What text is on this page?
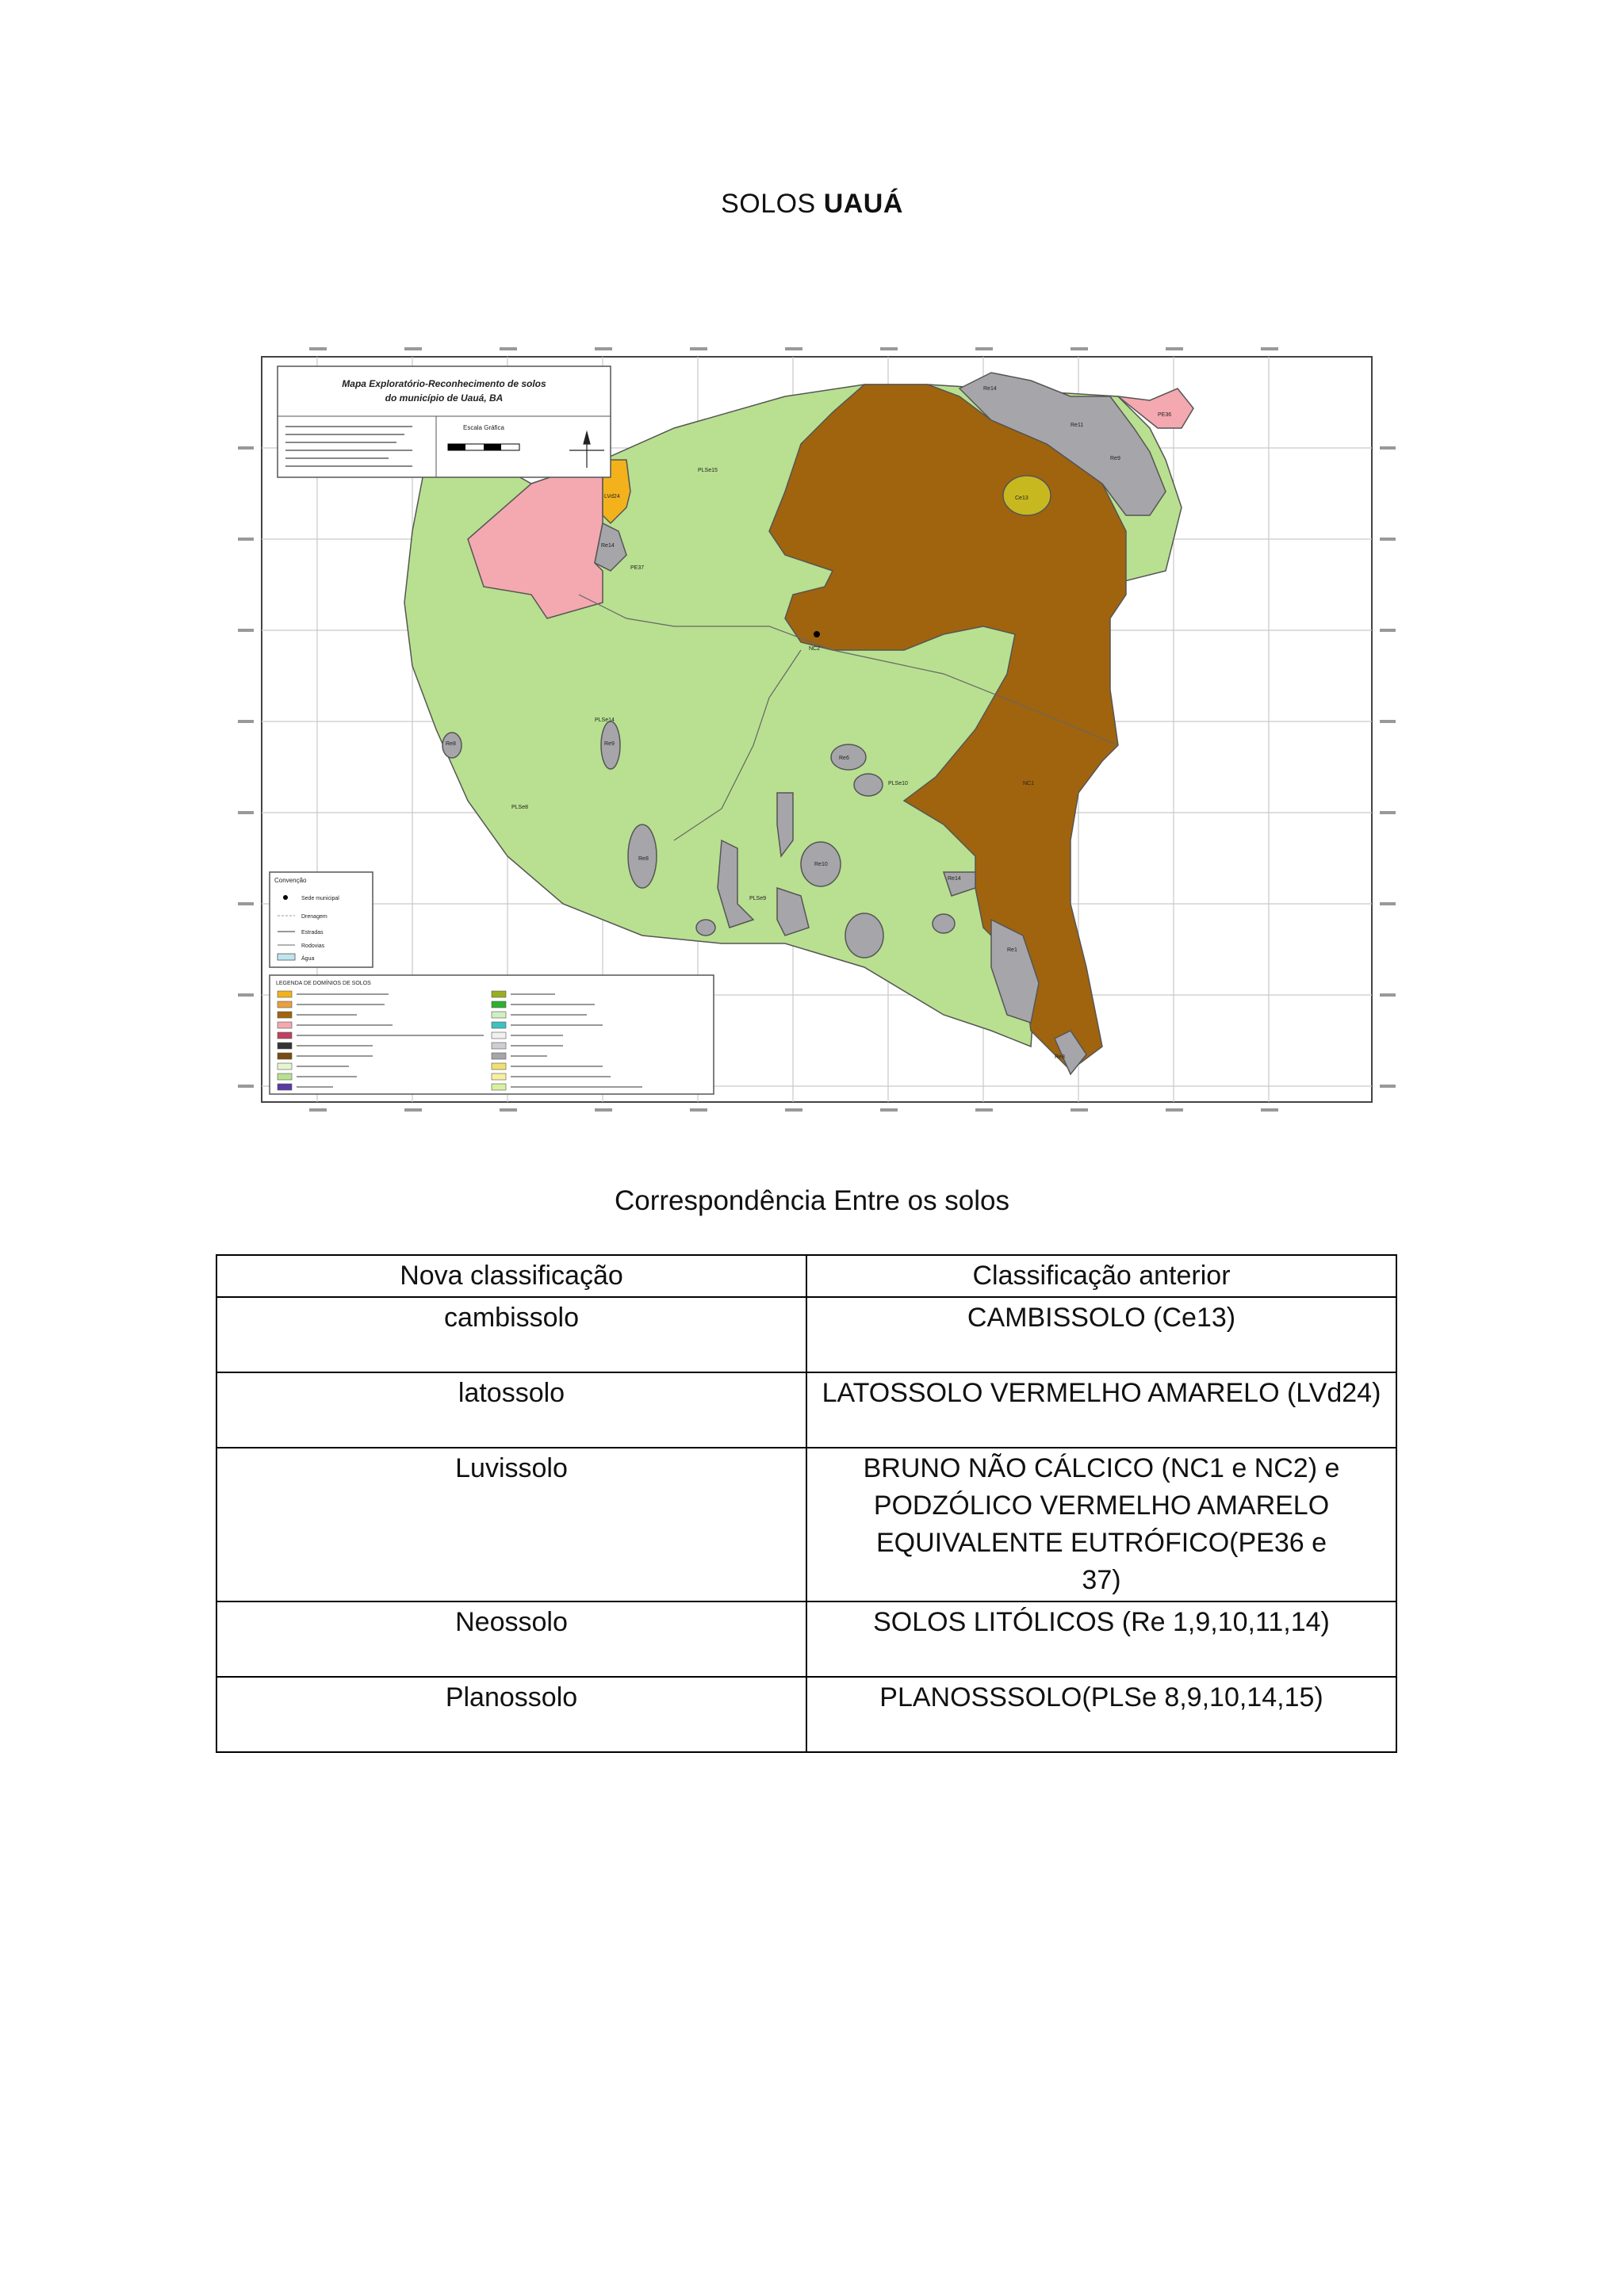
SOLOS UAUÁ
Re14
Re11
Re9
PE36
LVd24
Re14
PE37
PLSe15
NC2
PLSe14
NC1
Re8
PLSe8
Re9
Re6
PLSe10
Re8
Re10
Re14
Ce13
PLSe9
Re1
Re8
Mapa Exploratório-Reconhecimento de solos
do município de Uauá, BA
Escala Gráfica
Convenção
Sede municipal
Drenagem
Estradas
Rodovias
Água
LEGENDA DE DOMÍNIOS DE SOLOS
Correspondência Entre os solos
Nova classificação	Classificação anterior
cambissolo	CAMBISSOLO (Ce13)
latossolo	LATOSSOLO VERMELHO AMARELO (LVd24)
Luvissolo	BRUNO NÃO CÁLCICO (NC1 e NC2) e PODZÓLICO VERMELHO AMARELO EQUIVALENTE EUTRÓFICO(PE36 e 37)
Neossolo	SOLOS LITÓLICOS (Re 1,9,10,11,14)
Planossolo	PLANOSSSOLO(PLSe 8,9,10,14,15)
